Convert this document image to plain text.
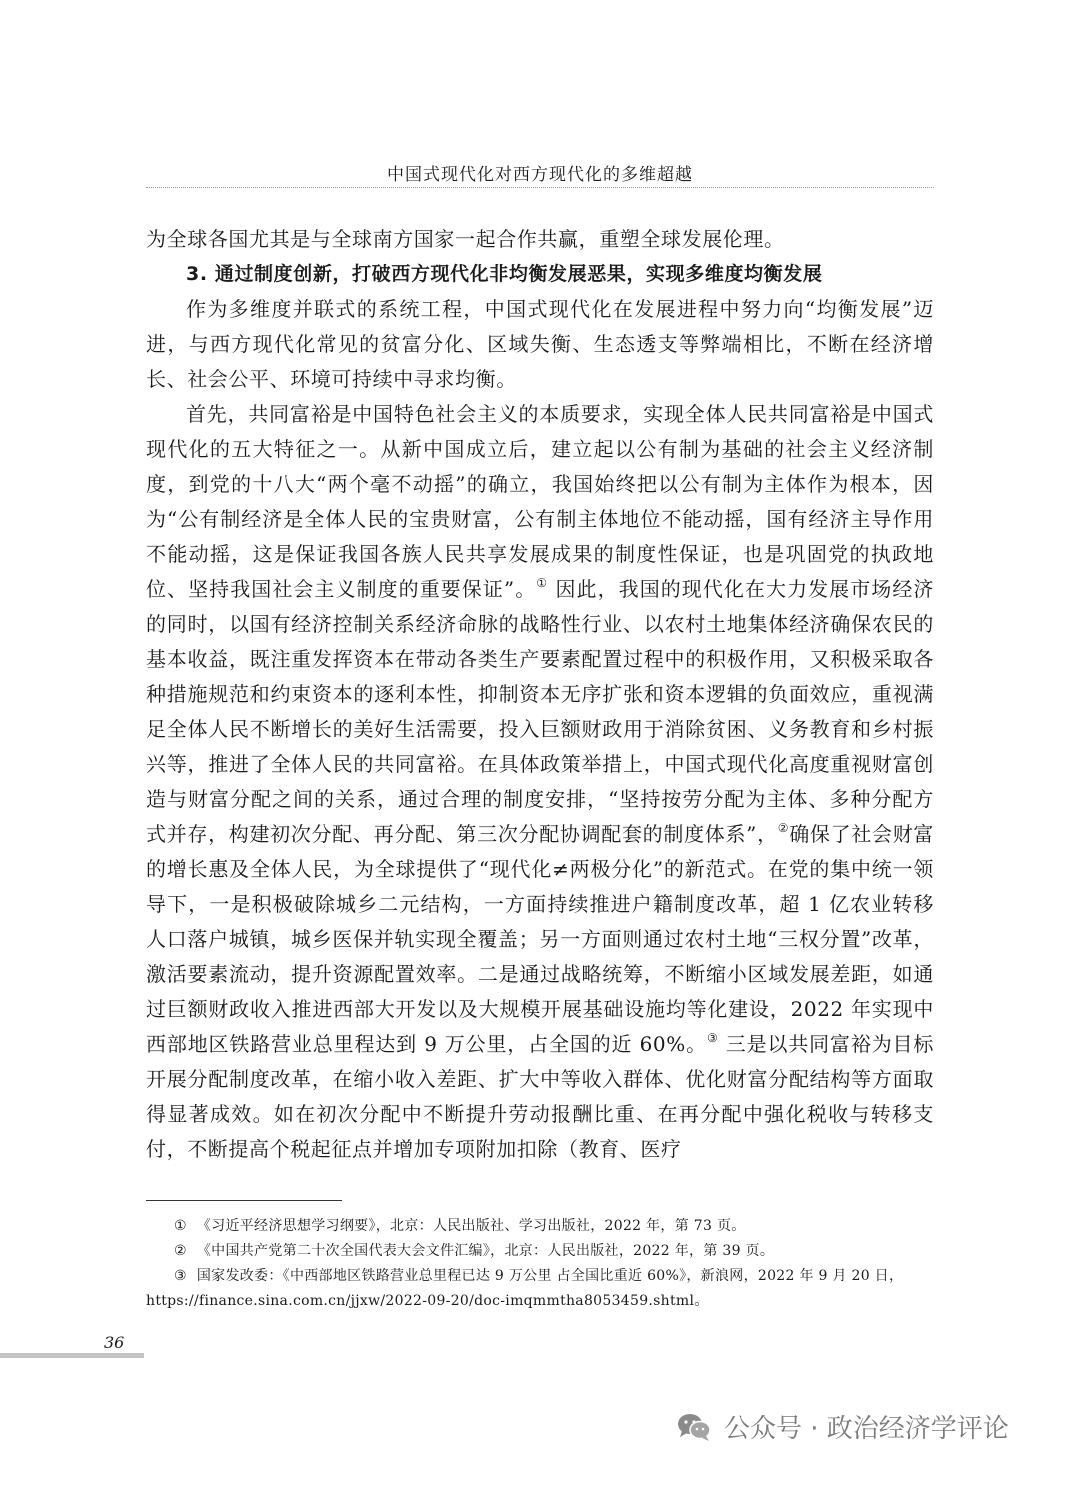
中国式现代化对西方现代化的多维超越

为全球各国尤其是与全球南方国家一起合作共赢，重塑全球发展伦理。

3. 通过制度创新，打破西方现代化非均衡发展恶果，实现多维度均衡发展

作为多维度并联式的系统工程，中国式现代化在发展进程中努力向“均衡发展”迈进，与西方现代化常见的贫富分化、区域失衡、生态透支等弊端相比，不断在经济增长、社会公平、环境可持续中寻求均衡。

首先，共同富裕是中国特色社会主义的本质要求，实现全体人民共同富裕是中国式现代化的五大特征之一。从新中国成立后，建立起以公有制为基础的社会主义经济制度，到党的十八大“两个毫不动摇”的确立，我国始终把以公有制为主体作为根本，因为“公有制经济是全体人民的宝贵财富，公有制主体地位不能动摇，国有经济主导作用不能动摇，这是保证我国各族人民共享发展成果的制度性保证，也是巩固党的执政地位、坚持我国社会主义制度的重要保证”。① 因此，我国的现代化在大力发展市场经济的同时，以国有经济控制关系经济命脉的战略性行业、以农村土地集体经济确保农民的基本收益，既注重发挥资本在带动各类生产要素配置过程中的积极作用，又积极采取各种措施规范和约束资本的逐利本性，抑制资本无序扩张和资本逻辑的负面效应，重视满足全体人民不断增长的美好生活需要，投入巨额财政用于消除贫困、义务教育和乡村振兴等，推进了全体人民的共同富裕。在具体政策举措上，中国式现代化高度重视财富创造与财富分配之间的关系，通过合理的制度安排，“坚持按劳分配为主体、多种分配方式并存，构建初次分配、再分配、第三次分配协调配套的制度体系”，②确保了社会财富的增长惠及全体人民，为全球提供了“现代化≠两极分化”的新范式。在党的集中统一领导下，一是积极破除城乡二元结构，一方面持续推进户籍制度改革，超 1 亿农业转移人口落户城镇，城乡医保并轨实现全覆盖；另一方面则通过农村土地“三权分置”改革，激活要素流动，提升资源配置效率。二是通过战略统筹，不断缩小区域发展差距，如通过巨额财政收入推进西部大开发以及大规模开展基础设施均等化建设，2022 年实现中西部地区铁路营业总里程达到 9 万公里，占全国的近 60%。③ 三是以共同富裕为目标开展分配制度改革，在缩小收入差距、扩大中等收入群体、优化财富分配结构等方面取得显著成效。如在初次分配中不断提升劳动报酬比重、在再分配中强化税收与转移支付，不断提高个税起征点并增加专项附加扣除（教育、医疗

① 《习近平经济思想学习纲要》，北京：人民出版社、学习出版社，2022 年，第 73 页。

② 《中国共产党第二十次全国代表大会文件汇编》，北京：人民出版社，2022 年，第 39 页。

③ 国家发改委：《中西部地区铁路营业总里程已达 9 万公里 占全国比重近 60%》，新浪网，2022 年 9 月 20 日，https://finance.sina.com.cn/jjxw/2022-09-20/doc-imqmmtha8053459.shtml。

36
公众号 · 政治经济学评论
